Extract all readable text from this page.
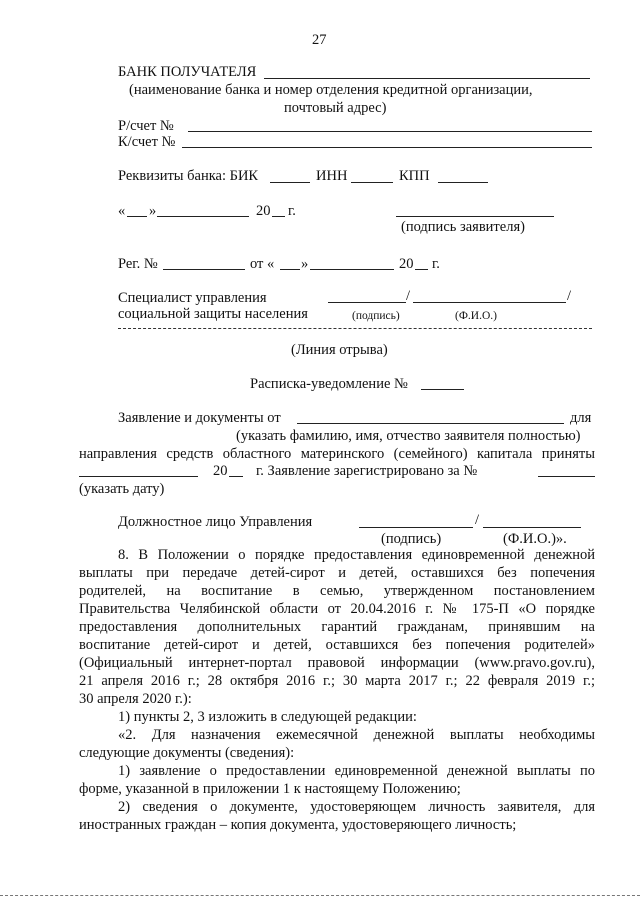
27
БАНК ПОЛУЧАТЕЛЯ
(наименование банка и номер отделения кредитной организации,
почтовый адрес)
Р/счет №
К/счет №
Реквизиты банка: БИК	ИНН	КПП
« »	20 г.
(подпись заявителя)
Рег. №	от « »	20 г.
Специалист управления	/	/
социальной защиты населения	(подпись)	(Ф.И.О.)
(Линия отрыва)
Расписка-уведомление №
Заявление и документы от	для
(указать фамилию, имя, отчество заявителя полностью)
направления средств областного материнского (семейного) капитала приняты
20 г. Заявление зарегистрировано за №
(указать дату)
Должностное лицо Управления	/
(подпись)	(Ф.И.О.)».
8. В Положении о порядке предоставления единовременной денежной
выплаты при передаче детей-сирот и детей, оставшихся без попечения
родителей, на воспитание в семью, утвержденном постановлением
Правительства Челябинской области от 20.04.2016 г. № 175-П «О порядке
предоставления дополнительных гарантий гражданам, принявшим на
воспитание детей-сирот и детей, оставшихся без попечения родителей»
(Официальный интернет-портал правовой информации (www.pravo.gov.ru),
21 апреля 2016 г.; 28 октября 2016 г.; 30 марта 2017 г.; 22 февраля 2019 г.;
30 апреля 2020 г.):
1) пункты 2, 3 изложить в следующей редакции:
«2. Для назначения ежемесячной денежной выплаты необходимы
следующие документы (сведения):
1) заявление о предоставлении единовременной денежной выплаты по
форме, указанной в приложении 1 к настоящему Положению;
2) сведения о документе, удостоверяющем личность заявителя, для
иностранных граждан – копия документа, удостоверяющего личность;
